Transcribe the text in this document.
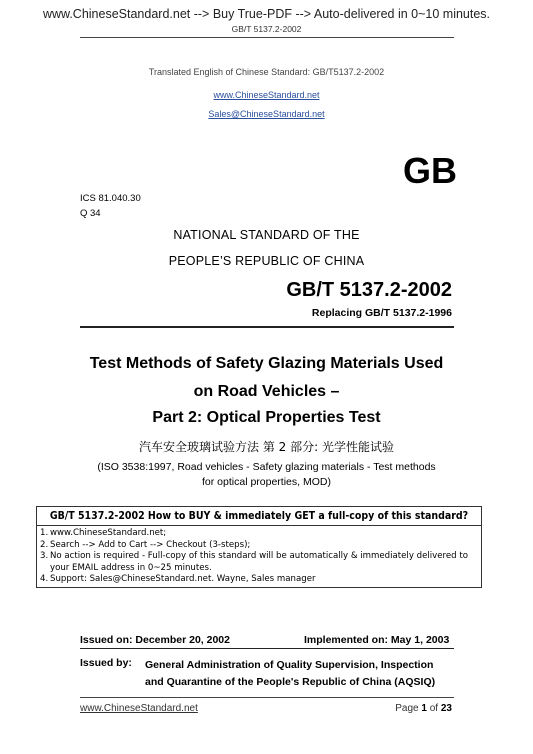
www.ChineseStandard.net --> Buy True-PDF --> Auto-delivered in 0~10 minutes.
GB/T 5137.2-2002
Translated English of Chinese Standard: GB/T5137.2-2002
www.ChineseStandard.net
Sales@ChineseStandard.net
GB
ICS 81.040.30
Q 34
NATIONAL STANDARD OF THE
PEOPLE’S REPUBLIC OF CHINA
GB/T 5137.2-2002
Replacing GB/T 5137.2-1996
Test Methods of Safety Glazing Materials Used
on Road Vehicles –
Part 2: Optical Properties Test
汽车安全玻璃试验方法 第 2 部分: 光学性能试验
(ISO 3538:1997, Road vehicles - Safety glazing materials - Test methods for optical properties, MOD)
GB/T 5137.2-2002 How to BUY & immediately GET a full-copy of this standard?
1. www.ChineseStandard.net;
2. Search --> Add to Cart --> Checkout (3-steps);
3. No action is required - Full-copy of this standard will be automatically & immediately delivered to your EMAIL address in 0~25 minutes.
4. Support: Sales@ChineseStandard.net. Wayne, Sales manager
Issued on: December 20, 2002	Implemented on: May 1, 2003
Issued by: General Administration of Quality Supervision, Inspection
and Quarantine of the People's Republic of China (AQSIQ)
www.ChineseStandard.net	Page 1 of 23
